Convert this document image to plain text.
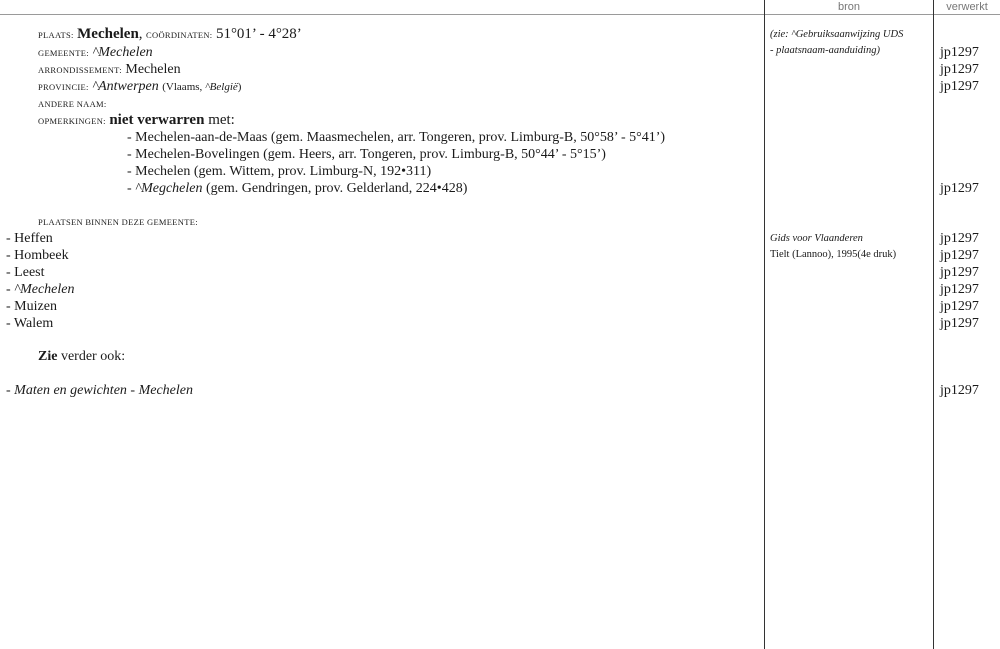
bron	verwerkt
PLAATS: Mechelen, COÖRDINATEN: 51°01’ - 4°28’
GEMEENTE: ^Mechelen
ARRONDISSEMENT: Mechelen
PROVINCIE: ^Antwerpen (Vlaams, ^België)
ANDERE NAAM:
OPMERKINGEN: niet verwarren met:
- Mechelen-aan-de-Maas (gem. Maasmechelen, arr. Tongeren, prov. Limburg-B, 50°58’ - 5°41’)
- Mechelen-Bovelingen (gem. Heers, arr. Tongeren, prov. Limburg-B, 50°44’ - 5°15’)
- Mechelen (gem. Wittem, prov. Limburg-N, 192•311)
- ^Megchelen (gem. Gendringen, prov. Gelderland, 224•428)
PLAATSEN BINNEN DEZE GEMEENTE:
- Heffen
- Hombeek
- Leest
- ^Mechelen
- Muizen
- Walem
Zie verder ook:
- Maten en gewichten - Mechelen
(zie: ^Gebruiksaanwijzing UDS
- plaatsnaam-aanduiding)
Gids voor Vlaanderen
Tielt (Lannoo), 1995(4e druk)
jp1297
jp1297
jp1297
jp1297
jp1297
jp1297
jp1297
jp1297
jp1297
jp1297
jp1297
